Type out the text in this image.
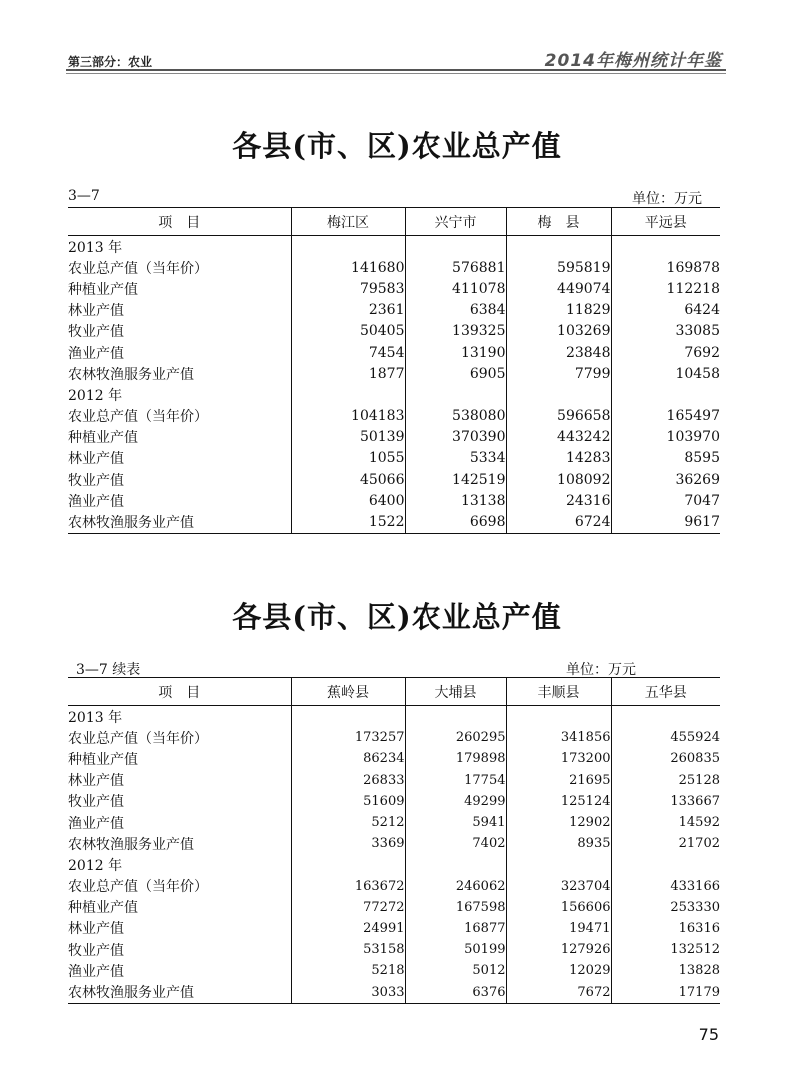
第三部分：农业	2014年梅州统计年鉴
各县(市、区)农业总产值
3—7	单位：万元
项　目	梅江区	兴宁市	梅　县	平远县
2013 年				
农业总产值（当年价）	141680	576881	595819	169878
种植业产值	79583	411078	449074	112218
林业产值	2361	6384	11829	6424
牧业产值	50405	139325	103269	33085
渔业产值	7454	13190	23848	7692
农林牧渔服务业产值	1877	6905	7799	10458
2012 年				
农业总产值（当年价）	104183	538080	596658	165497
种植业产值	50139	370390	443242	103970
林业产值	1055	5334	14283	8595
牧业产值	45066	142519	108092	36269
渔业产值	6400	13138	24316	7047
农林牧渔服务业产值	1522	6698	6724	9617
各县(市、区)农业总产值
3—7 续表	单位：万元
项　目	蕉岭县	大埔县	丰顺县	五华县
2013 年				
农业总产值（当年价）	173257	260295	341856	455924
种植业产值	86234	179898	173200	260835
林业产值	26833	17754	21695	25128
牧业产值	51609	49299	125124	133667
渔业产值	5212	5941	12902	14592
农林牧渔服务业产值	3369	7402	8935	21702
2012 年				
农业总产值（当年价）	163672	246062	323704	433166
种植业产值	77272	167598	156606	253330
林业产值	24991	16877	19471	16316
牧业产值	53158	50199	127926	132512
渔业产值	5218	5012	12029	13828
农林牧渔服务业产值	3033	6376	7672	17179
75
